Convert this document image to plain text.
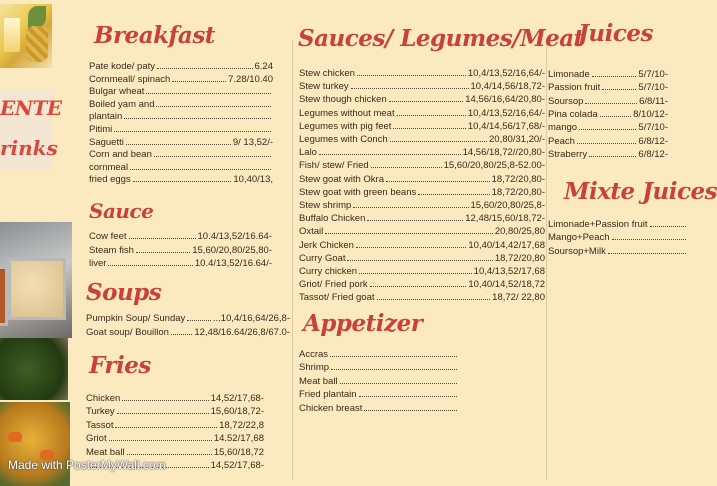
ENTE
rinks
Breakfast
Pate kode/ paty	6.24
Cornmeall/ spinach	7.28/10.40
Bulgar wheat
Boiled yam and
plantain
Pitimi
Saguetti	9/ 13,52/-
Corn and bean
cornmeal
fried eggs	10,40/13,
Sauce
Cow feet	10.4/13,52/16.64-
Steam fish	15,60/20,80/25,80-
liver	10.4/13,52/16.64/-
Soups
Pumpkin Soup/ Sunday	...10,4/16,64/26,8-
Goat soup/ Bouillon	12,48/16.64/26,8/67.0-
Fries
Chicken	14,52/17,68-
Turkey	15,60/18,72-
Tassot	18,72/22,8
Griot	14.52/17,68
Meat ball	15,60/18,72
14,52/17,68-
Sauces/ Legumes/Meat
Stew chicken	10,4/13,52/16,64/-
Stew turkey	10,4/14,56/18,72-
Stew though chicken	14,56/16,64/20,80-
Legumes without meat	10,4/13,52/16,64/-
Legumes with pig feet	10,4/14,56/17,68/-
Legumes with Conch	20,80/31,20/-
Lalo	14,56/18,72//20,80-
Fish/ stew/ Fried	15,60/20,80/25,8-52.00-
Stew goat with Okra	18,72/20,80-
Stew goat with green beans	18,72/20,80-
Stew shrimp	15,60/20,80/25,8-
Buffalo Chicken	12,48/15,60/18,72-
Oxtail	20,80/25,80
Jerk Chicken	10,40/14,42/17,68
Curry Goat	18,72/20,80
Curry chicken	10,4/13,52/17,68
Griot/ Fried pork	10,40/14,52/18,72
Tassot/ Fried goat	18,72/ 22,80
Appetizer
Accras
Shrimp
Meat ball
Fried plantain
Chicken breast
Juices
Limonade	5/7/10-
Passion fruit	5/7/10-
Soursop	6/8/11-
Pina colada	8/10/12-
mango	5/7/10-
Peach	6/8/12-
Straberry	6/8/12-
Mixte Juices
Limonade+Passion fruit
Mango+Peach
Soursop+Milk
Made with PosterMyWall.com
